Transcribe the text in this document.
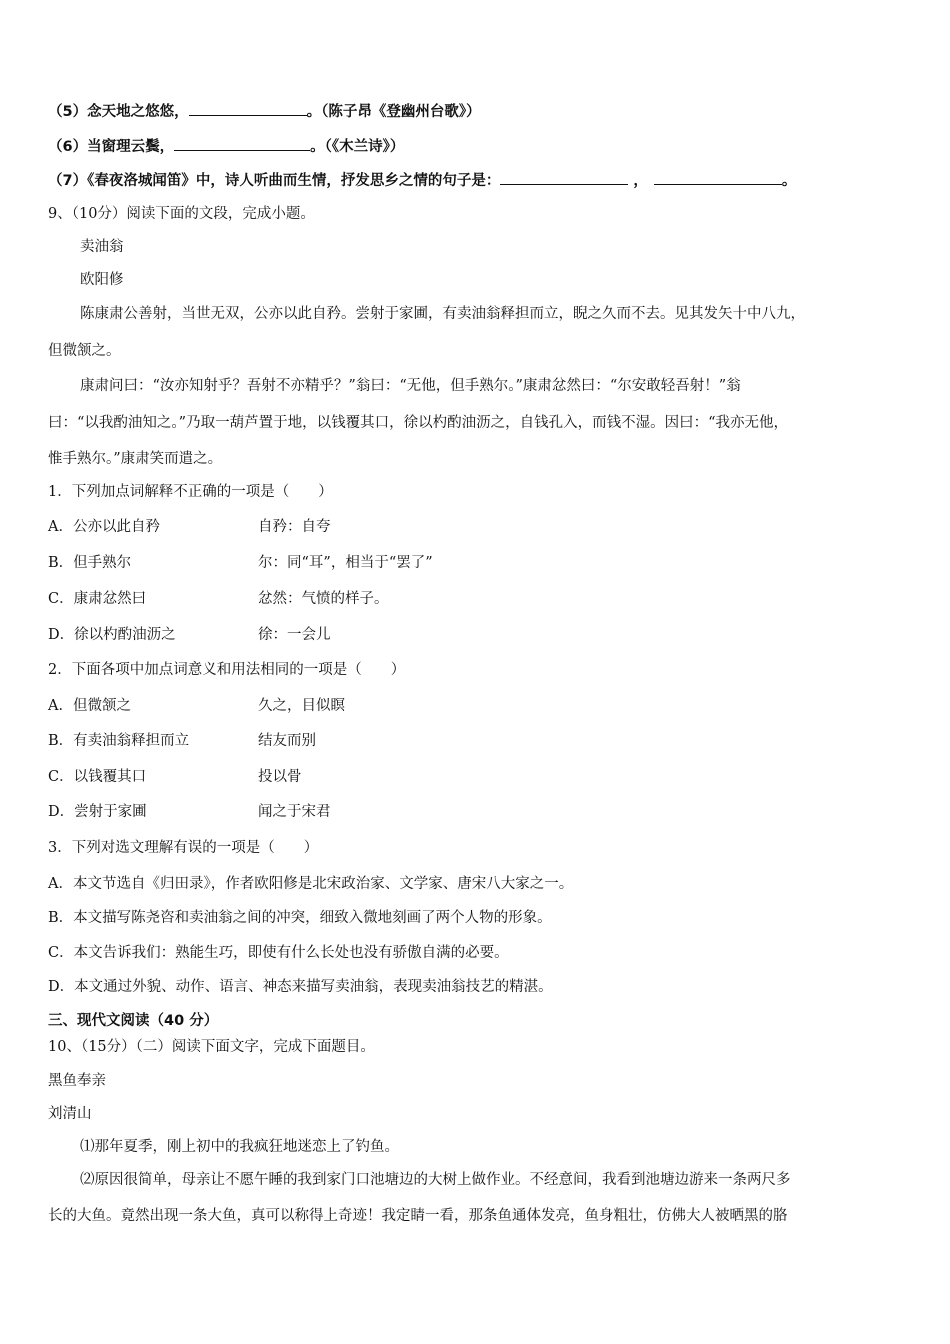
（5）念天地之悠悠，	。（陈子昂《登幽州台歌》）
（6）当窗理云鬓，	。（《木兰诗》）
（7）《春夜洛城闻笛》中，诗人听曲而生情，抒发思乡之情的句子是：	，	。
9、（10分）阅读下面的文段，完成小题。
卖油翁
欧阳修
陈康肃公善射，当世无双，公亦以此自矜。尝射于家圃，有卖油翁释担而立，睨之久而不去。见其发矢十中八九，
但微颔之。
康肃问曰：“汝亦知射乎？吾射不亦精乎？”翁曰：“无他，但手熟尔。”康肃忿然曰：“尔安敢轻吾射！”翁
曰：“以我酌油知之。”乃取一葫芦置于地，以钱覆其口，徐以杓酌油沥之，自钱孔入，而钱不湿。因曰：“我亦无他，
惟手熟尔。”康肃笑而遣之。
1．下列加点词解释不正确的一项是（　　）
A．公亦以此自矜	自矜：自夸
B．但手熟尔	尔：同“耳”，相当于“罢了”
C．康肃忿然曰	忿然：气愤的样子。
D．徐以杓酌油沥之	徐：一会儿
2．下面各项中加点词意义和用法相同的一项是（　　）
A．但微颔之	久之，目似瞑
B．有卖油翁释担而立	结友而别
C．以钱覆其口	投以骨
D．尝射于家圃	闻之于宋君
3．下列对选文理解有误的一项是（　　）
A．本文节选自《归田录》，作者欧阳修是北宋政治家、文学家、唐宋八大家之一。
B．本文描写陈尧咨和卖油翁之间的冲突，细致入微地刻画了两个人物的形象。
C．本文告诉我们：熟能生巧，即使有什么长处也没有骄傲自满的必要。
D．本文通过外貌、动作、语言、神态来描写卖油翁，表现卖油翁技艺的精湛。
三、现代文阅读（40 分）
10、（15分）（二）阅读下面文字，完成下面题目。
黑鱼奉亲
刘清山
⑴那年夏季，刚上初中的我疯狂地迷恋上了钓鱼。
⑵原因很简单，母亲让不愿午睡的我到家门口池塘边的大树上做作业。不经意间，我看到池塘边游来一条两尺多
长的大鱼。竟然出现一条大鱼，真可以称得上奇迹！我定睛一看，那条鱼通体发亮，鱼身粗壮，仿佛大人被晒黑的胳
